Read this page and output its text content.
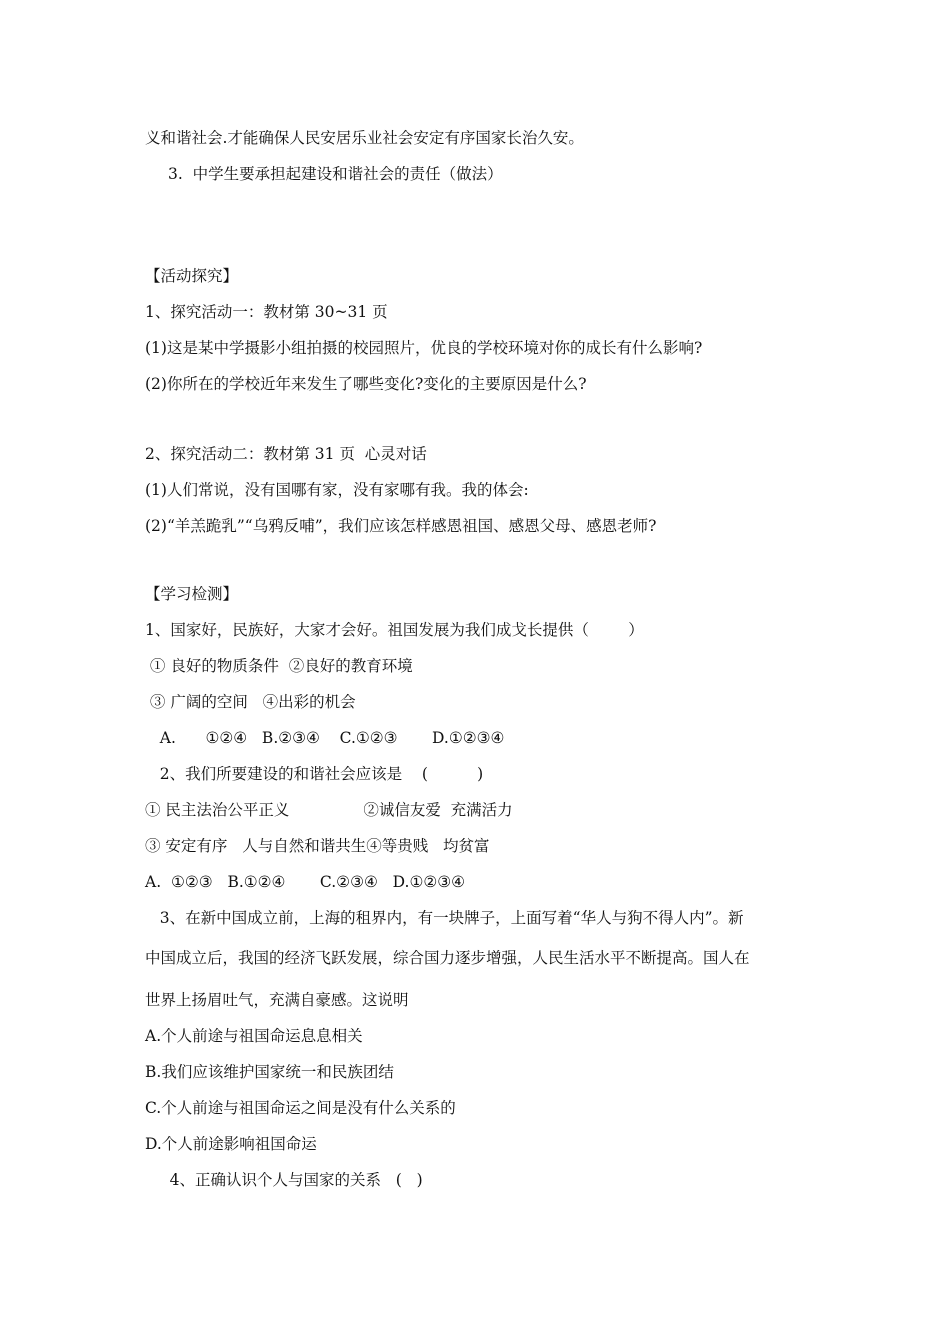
义和谐社会.才能确保人民安居乐业社会安定有序国家长治久安。
3.  中学生要承担起建设和谐社会的责任（做法）
【活动探究】
1、探究活动一：教材第 30~31 页
(1)这是某中学摄影小组拍摄的校园照片，优良的学校环境对你的成长有什么影响?
(2)你所在的学校近年来发生了哪些变化?变化的主要原因是什么?
2、探究活动二：教材第 31 页  心灵对话
(1)人们常说，没有国哪有家，没有家哪有我。我的体会:
(2)“羊羔跪乳”“乌鸦反哺”，我们应该怎样感恩祖国、感恩父母、感恩老师?
【学习检测】
1、国家好，民族好，大家才会好。祖国发展为我们成戈长提供（        ）
① 良好的物质条件  ②良好的教育环境
③ 广阔的空间   ④出彩的机会
A.      ①②④   B.②③④    C.①②③       D.①②③④
2、我们所要建设的和谐社会应该是    (          )
① 民主法治公平正义               ②诚信友爱  充满活力
③ 安定有序   人与自然和谐共生④等贵贱   均贫富
A.  ①②③   B.①②④       C.②③④   D.①②③④
3、在新中国成立前，上海的租界内，有一块牌子，上面写着“华人与狗不得人内”。新
中国成立后，我国的经济飞跃发展，综合国力逐步增强，人民生活水平不断提高。国人在
世界上扬眉吐气，充满自豪感。这说明
A.个人前途与祖国命运息息相关
B.我们应该维护国家统一和民族团结
C.个人前途与祖国命运之间是没有什么关系的
D.个人前途影响祖国命运
4、正确认识个人与国家的关系   (   )
